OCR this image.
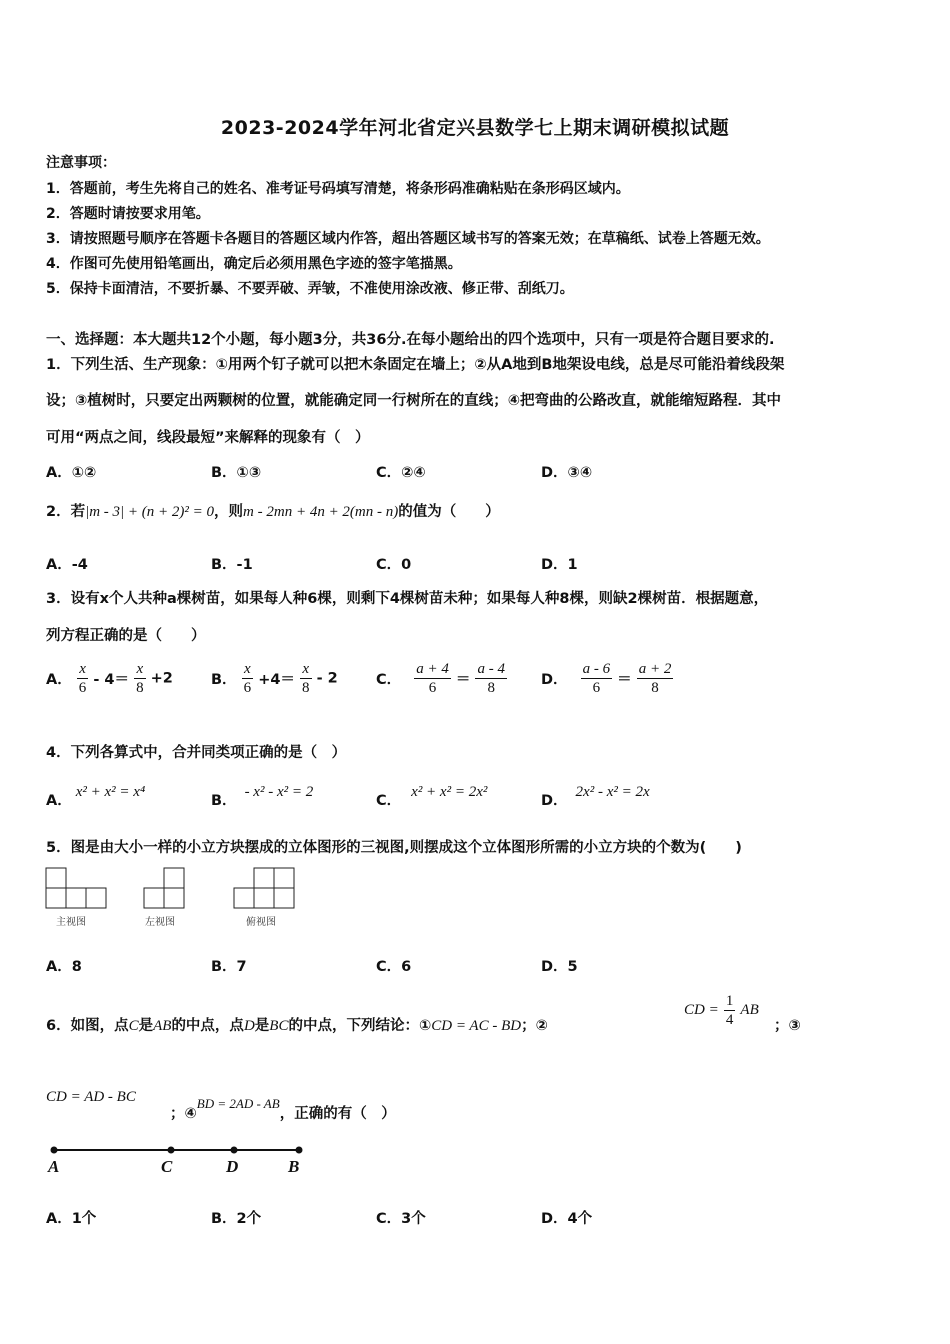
2023-2024学年河北省定兴县数学七上期末调研模拟试题
注意事项：
1．答题前，考生先将自己的姓名、准考证号码填写清楚，将条形码准确粘贴在条形码区域内。
2．答题时请按要求用笔。
3．请按照题号顺序在答题卡各题目的答题区域内作答，超出答题区域书写的答案无效；在草稿纸、试卷上答题无效。
4．作图可先使用铅笔画出，确定后必须用黑色字迹的签字笔描黑。
5．保持卡面清洁，不要折暴、不要弄破、弄皱，不准使用涂改液、修正带、刮纸刀。
一、选择题：本大题共12个小题，每小题3分，共36分.在每小题给出的四个选项中，只有一项是符合题目要求的.
1．下列生活、生产现象：①用两个钉子就可以把木条固定在墙上；②从A地到B地架设电线，总是尽可能沿着线段架
设；③植树时，只要定出两颗树的位置，就能确定同一行树所在的直线；④把弯曲的公路改直，就能缩短路程．其中
可用“两点之间，线段最短”来解释的现象有（　）
A．①②	B．①③	C．②④	D．③④
2．若|m - 3| + (n + 2)² = 0，则m - 2mn + 4n + 2(mn - n)的值为（　　）
A．-4	B．-1	C．0	D．1
3．设有x个人共种a棵树苗，如果每人种6棵，则剩下4棵树苗未种；如果每人种8棵，则缺2棵树苗．根据题意，
列方程正确的是（　　）
A． $\frac{x}{6} - 4= \frac{x}{8} +2$	B． $\frac{x}{6} +4= \frac{x}{8} - 2$	C． $\frac{a + 4}{6} = \frac{a - 4}{8}$ D． $\frac{a - 6}{6} = \frac{a + 2}{8}$
4．下列各算式中，合并同类项正确的是（　）
A．x² + x² = x⁴
B．- x² - x² = 2
C．x² + x² = 2x²
D．2x² - x² = 2x
5．图是由大小一样的小立方块摆成的立体图形的三视图,则摆成这个立体图形所需的小立方块的个数为(　　)
主视图	左视图	俯视图
A．8	B．7	C．6	D．5
6．如图，点C是AB的中点，点D是BC的中点，下列结论：①CD = AC - BD；②
CD = $\frac{1}{4}$ AB
；③
CD = AD - BC
；④BD = 2AD - AB，正确的有（　）
A	C	D	B
A．1个	B．2个	C．3个	D．4个
